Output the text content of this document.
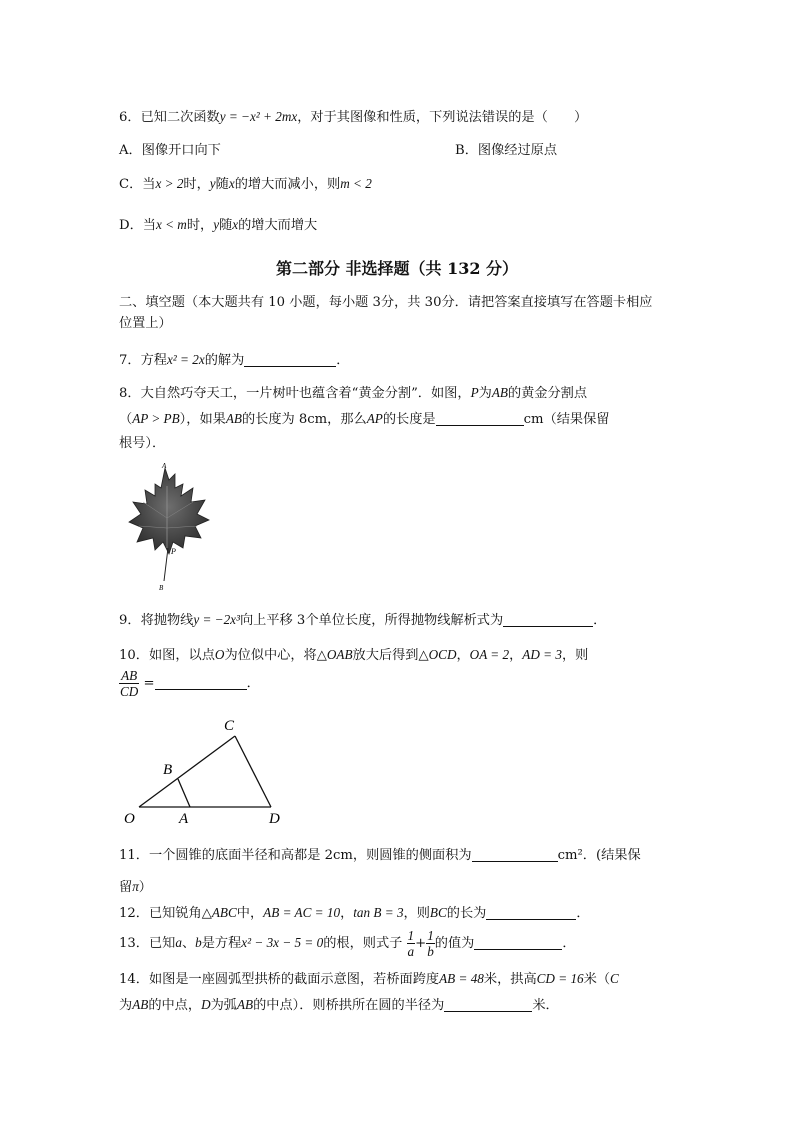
6．已知二次函数y = −x² + 2mx，对于其图像和性质，下列说法错误的是（　　）
A．图像开口向下	B．图像经过原点
C．当x > 2时，y随x的增大而减小，则m < 2
D．当x < m时，y随x的增大而增大
第二部分 非选择题（共 132 分）
二、填空题（本大题共有 10 小题，每小题 3分，共 30分．请把答案直接填写在答题卡相应
位置上）
7．方程x² = 2x的解为	．
8．大自然巧夺天工，一片树叶也蕴含着“黄金分割”．如图，P为AB的黄金分割点
（AP > PB），如果AB的长度为 8cm，那么AP的长度是	cm（结果保留
根号）．
A
P
B
9．将抛物线y = −2x³向上平移 3个单位长度，所得抛物线解析式为	．
10．如图，以点O为位似中心，将△OAB放大后得到△OCD，OA = 2，AD = 3，则
$\frac{AB}{CD}$ =	．
O	A	D
B
C
11．一个圆锥的底面半径和高都是 2cm，则圆锥的侧面积为	cm²．(结果保
留π）
12．已知锐角△ABC中，AB = AC = 10，tan B = 3，则BC的长为	．
13．已知a、b是方程x² − 3x − 5 = 0的根，则式子 $\frac{1}{a} + \frac{1}{b}$ 的值为	．
14．如图是一座圆弧型拱桥的截面示意图，若桥面跨度AB = 48米，拱高CD = 16米（C
为AB的中点，D为弧AB的中点）．则桥拱所在圆的半径为	米．
